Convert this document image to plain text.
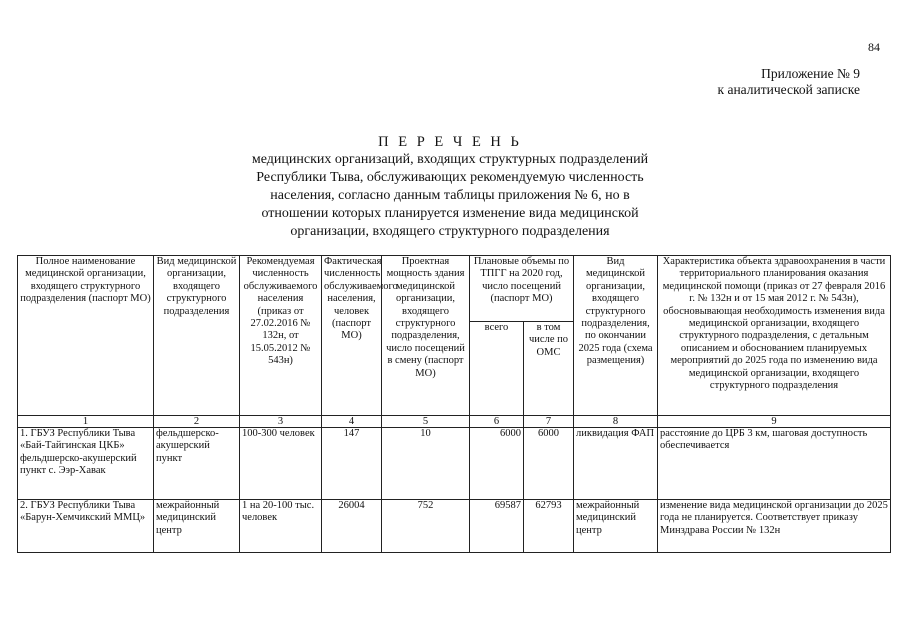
84
Приложение № 9
к аналитической записке
П Е Р Е Ч Е Н Ь
медицинских организаций, входящих структурных подразделений
Республики Тыва, обслуживающих рекомендуемую численность
населения, согласно данным таблицы приложения № 6, но в
отношении которых планируется изменение вида медицинской
организации, входящего структурного подразделения
Полное наименование медицинской организации, входящего структурного подразделения (паспорт МО)	Вид медицинской организации, входящего структурного подразделения	Рекомендуемая численность обслуживаемого населения (приказ от 27.02.2016 № 132н, от 15.05.2012 № 543н)	Фактическая численность обслуживаемого населения, человек (паспорт МО)	Проектная мощность здания медицинской организации, входящего структурного подразделения, число посещений в смену (паспорт МО)	Плановые объемы по ТПГГ на 2020 год, число посещений (паспорт МО)		Вид медицинской организации, входящего структурного подразделения, по окончании 2025 года (схема размещения)	Характеристика объекта здравоохранения в части территориального планирования оказания медицинской помощи (приказ от 27 февраля 2016 г. № 132н и от 15 мая 2012 г. № 543н), обосновывающая необходимость изменения вида медицинской организации, входящего структурного подразделения, с детальным описанием и обоснованием планируемых мероприятий до 2025 года по изменению вида медицинской организации, входящего структурного подразделения
					всего	в том числе по ОМС		
1	2	3	4	5	6	7	8	9
1. ГБУЗ Республики Тыва «Бай-Тайгинская ЦКБ» фельдшерско-акушерский пункт с. Ээр-Хавак	фельдшерско-акушерский пункт	100-300 человек	147	10	6000	6000	ликвидация ФАП	расстояние до ЦРБ 3 км, шаговая доступность обеспечивается
2. ГБУЗ Республики Тыва «Барун-Хемчикский ММЦ»	межрайонный медицинский центр	1 на 20-100 тыс. человек	26004	752	69587	62793	межрайонный медицинский центр	изменение вида медицинской организации до 2025 года не планируется. Соответствует приказу Минздрава России № 132н
